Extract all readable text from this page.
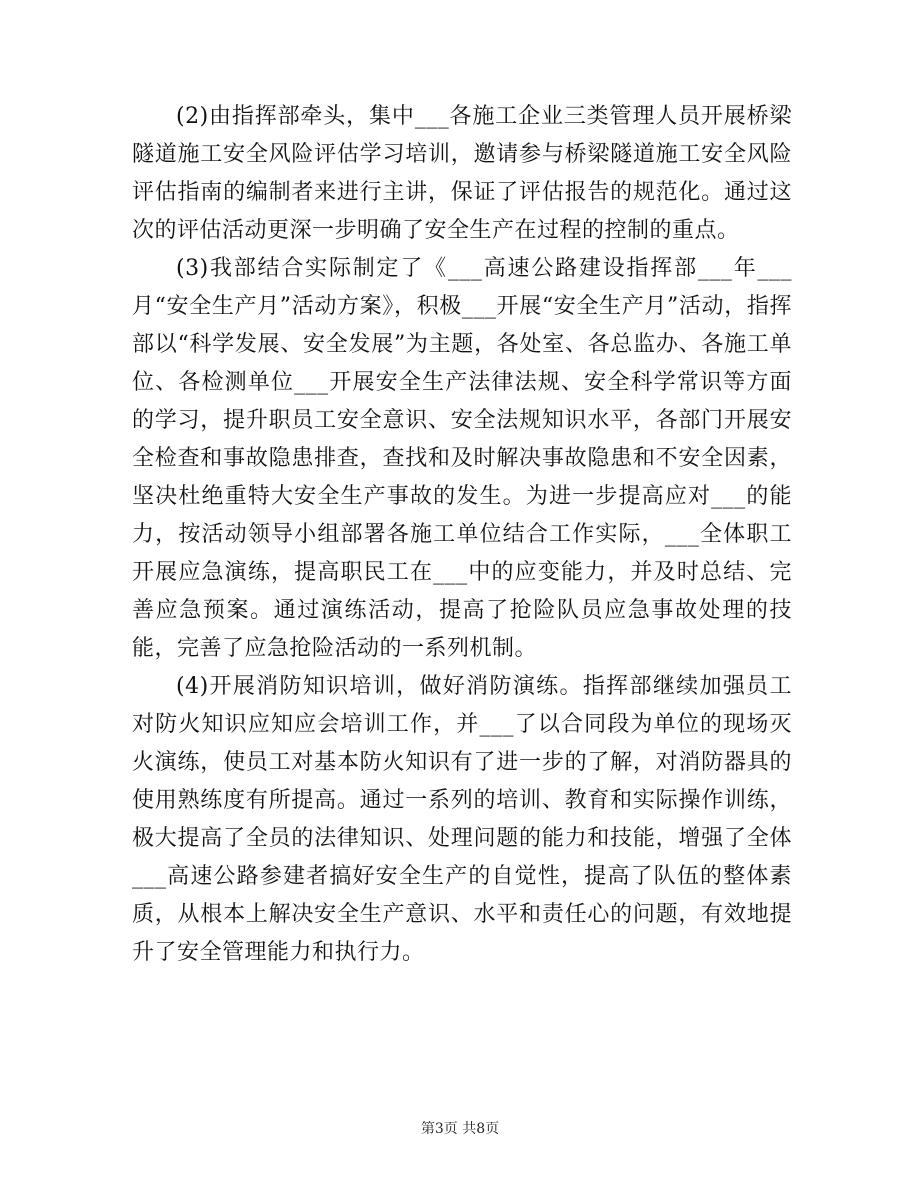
(2)由指挥部牵头，集中___各施工企业三类管理人员开展桥梁隧道施工安全风险评估学习培训，邀请参与桥梁隧道施工安全风险评估指南的编制者来进行主讲，保证了评估报告的规范化。通过这次的评估活动更深一步明确了安全生产在过程的控制的重点。

(3)我部结合实际制定了《___高速公路建设指挥部___年___月“安全生产月”活动方案》，积极___开展“安全生产月”活动，指挥部以“科学发展、安全发展”为主题，各处室、各总监办、各施工单位、各检测单位___开展安全生产法律法规、安全科学常识等方面的学习，提升职员工安全意识、安全法规知识水平，各部门开展安全检查和事故隐患排查，查找和及时解决事故隐患和不安全因素，坚决杜绝重特大安全生产事故的发生。为进一步提高应对___的能力，按活动领导小组部署各施工单位结合工作实际，___全体职工开展应急演练，提高职民工在___中的应变能力，并及时总结、完善应急预案。通过演练活动，提高了抢险队员应急事故处理的技能，完善了应急抢险活动的一系列机制。

(4)开展消防知识培训，做好消防演练。指挥部继续加强员工对防火知识应知应会培训工作，并___了以合同段为单位的现场灭火演练，使员工对基本防火知识有了进一步的了解，对消防器具的使用熟练度有所提高。通过一系列的培训、教育和实际操作训练，极大提高了全员的法律知识、处理问题的能力和技能，增强了全体___高速公路参建者搞好安全生产的自觉性，提高了队伍的整体素质，从根本上解决安全生产意识、水平和责任心的问题，有效地提升了安全管理能力和执行力。

第3页 共8页
